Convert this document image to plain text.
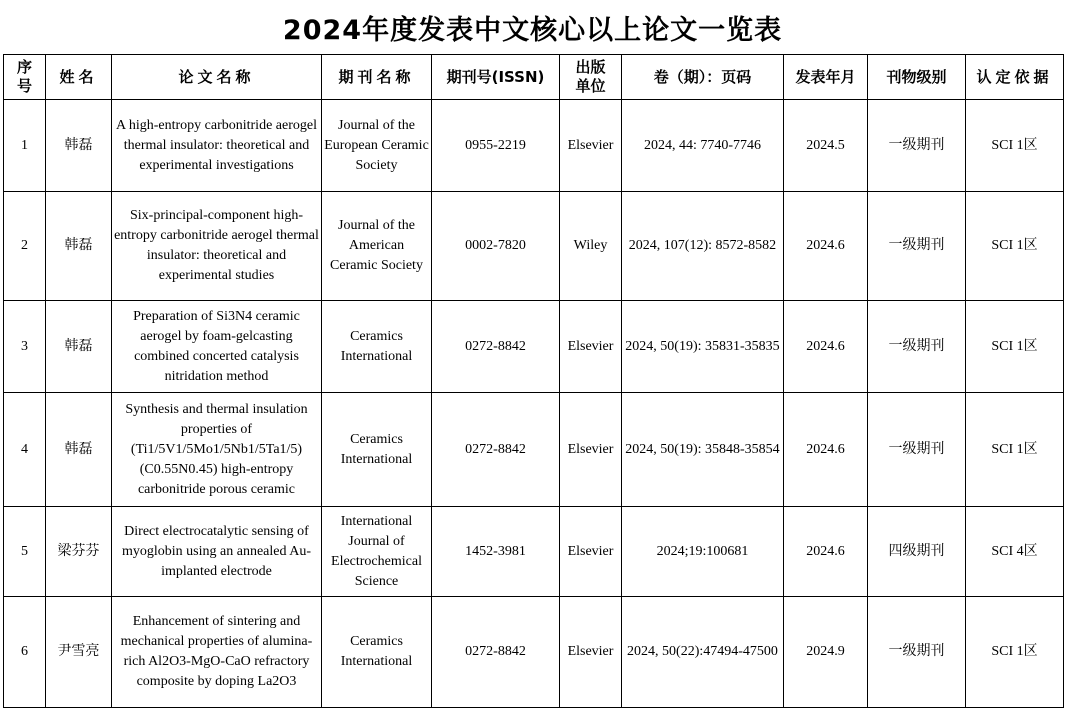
2024年度发表中文核心以上论文一览表
序号	姓名	论文名称	期刊名称	期刊号(ISSN)	出版单位	卷（期）：页码	发表年月	刊物级别	认定依据
1	韩磊	A high-entropy carbonitride aerogel thermal insulator: theoretical and experimental investigations	Journal of the European Ceramic Society	0955-2219	Elsevier	2024, 44: 7740-7746	2024.5	一级期刊	SCI 1区
2	韩磊	Six-principal-component high-entropy carbonitride aerogel thermal insulator: theoretical and experimental studies	Journal of the American Ceramic Society	0002-7820	Wiley	2024, 107(12): 8572-8582	2024.6	一级期刊	SCI 1区
3	韩磊	Preparation of Si3N4 ceramic aerogel by foam-gelcasting combined concerted catalysis nitridation method	Ceramics International	0272-8842	Elsevier	2024, 50(19): 35831-35835	2024.6	一级期刊	SCI 1区
4	韩磊	Synthesis and thermal insulation properties of (Ti1/5V1/5Mo1/5Nb1/5Ta1/5)(C0.55N0.45) high-entropy carbonitride porous ceramic	Ceramics International	0272-8842	Elsevier	2024, 50(19): 35848-35854	2024.6	一级期刊	SCI 1区
5	梁芬芬	Direct electrocatalytic sensing of myoglobin using an annealed Au-implanted electrode	International Journal of Electrochemical Science	1452-3981	Elsevier	2024;19:100681	2024.6	四级期刊	SCI 4区
6	尹雪亮	Enhancement of sintering and mechanical properties of alumina-rich Al2O3-MgO-CaO refractory composite by doping La2O3	Ceramics International	0272-8842	Elsevier	2024, 50(22):47494-47500	2024.9	一级期刊	SCI 1区
